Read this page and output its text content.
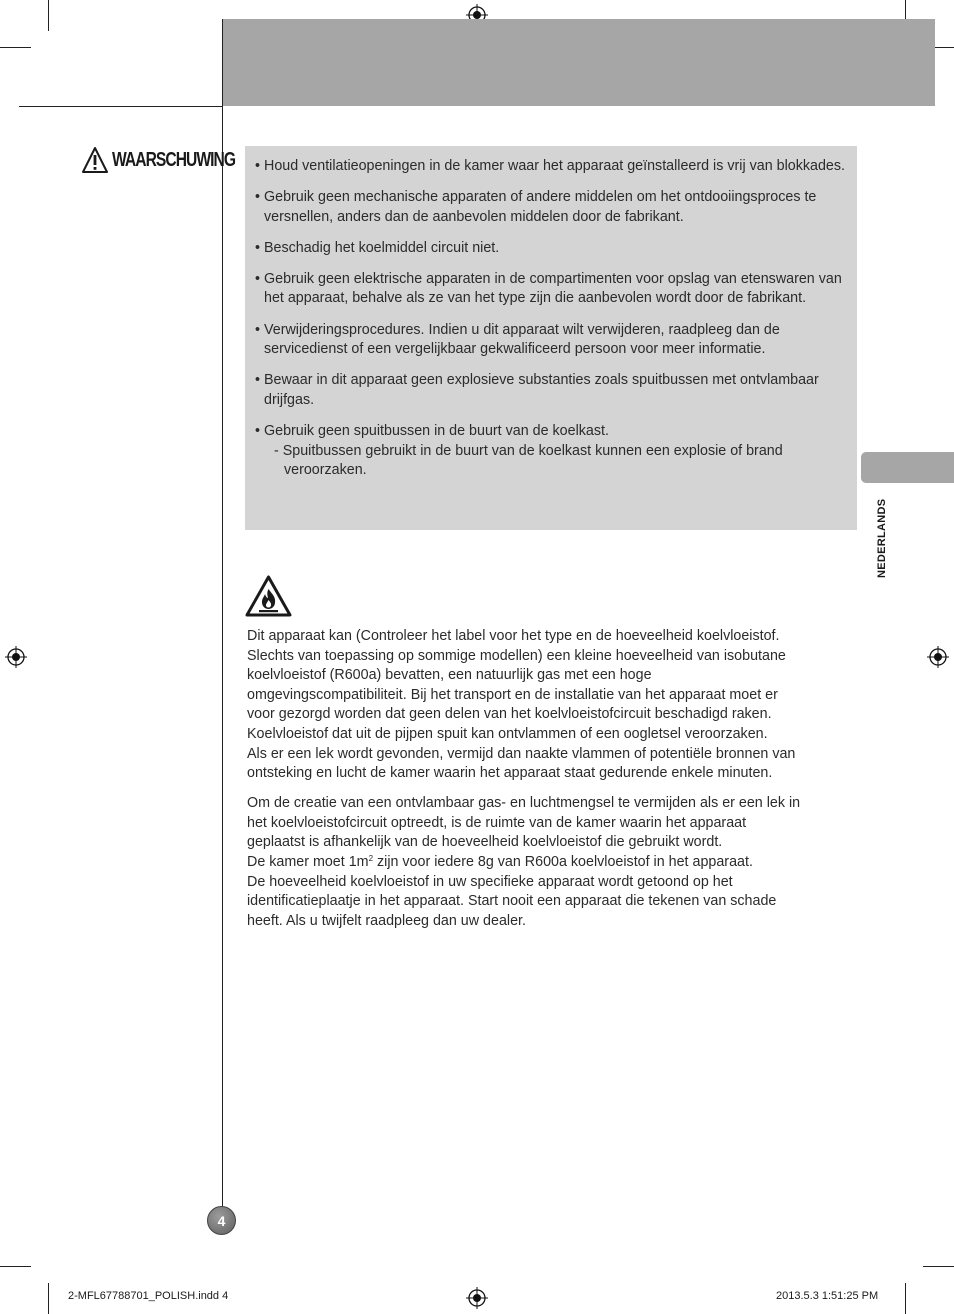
WAARSCHUWING • Houd ventilatieopeningen in de kamer waar het apparaat geïnstalleerd is vrij van blokkades.
• Gebruik geen mechanische apparaten of andere middelen om het ontdooiingsproces te versnellen, anders dan de aanbevolen middelen door de fabrikant.
• Beschadig het koelmiddel circuit niet.
• Gebruik geen elektrische apparaten in de compartimenten voor opslag van etenswaren van het apparaat, behalve als ze van het type zijn die aanbevolen wordt door de fabrikant.
• Verwijderingsprocedures. Indien u dit apparaat wilt verwijderen, raadpleeg dan de servicedienst of een vergelijkbaar gekwalificeerd persoon voor meer informatie.
• Bewaar in dit apparaat geen explosieve substanties zoals spuitbussen met ontvlambaar drijfgas.
• Gebruik geen spuitbussen in de buurt van de koelkast.
- Spuitbussen gebruikt in de buurt van de koelkast kunnen een explosie of brand veroorzaken.
NEDERLANDS

Dit apparaat kan (Controleer het label voor het type en de hoeveelheid koelvloeistof.
Slechts van toepassing op sommige modellen) een kleine hoeveelheid van isobutane
koelvloeistof (R600a) bevatten, een natuurlijk gas met een hoge
omgevingscompatibiliteit. Bij het transport en de installatie van het apparaat moet er
voor gezorgd worden dat geen delen van het koelvloeistofcircuit beschadigd raken.
Koelvloeistof dat uit de pijpen spuit kan ontvlammen of een oogletsel veroorzaken.
Als er een lek wordt gevonden, vermijd dan naakte vlammen of potentiële bronnen van
ontsteking en lucht de kamer waarin het apparaat staat gedurende enkele minuten.

Om de creatie van een ontvlambaar gas- en luchtmengsel te vermijden als er een lek in
het koelvloeistofcircuit optreedt, is de ruimte van de kamer waarin het apparaat
geplaatst is afhankelijk van de hoeveelheid koelvloeistof die gebruikt wordt.
De kamer moet $1m^2$ zijn voor iedere 8g van R600a koelvloeistof in het apparaat.
De hoeveelheid koelvloeistof in uw specifieke apparaat wordt getoond op het
identificatieplaatje in het apparaat. Start nooit een apparaat die tekenen van schade
heeft. Als u twijfelt raadpleeg dan uw dealer.

4
2-MFL67788701_POLISH.indd 4	2013.5.3 1:51:25 PM
